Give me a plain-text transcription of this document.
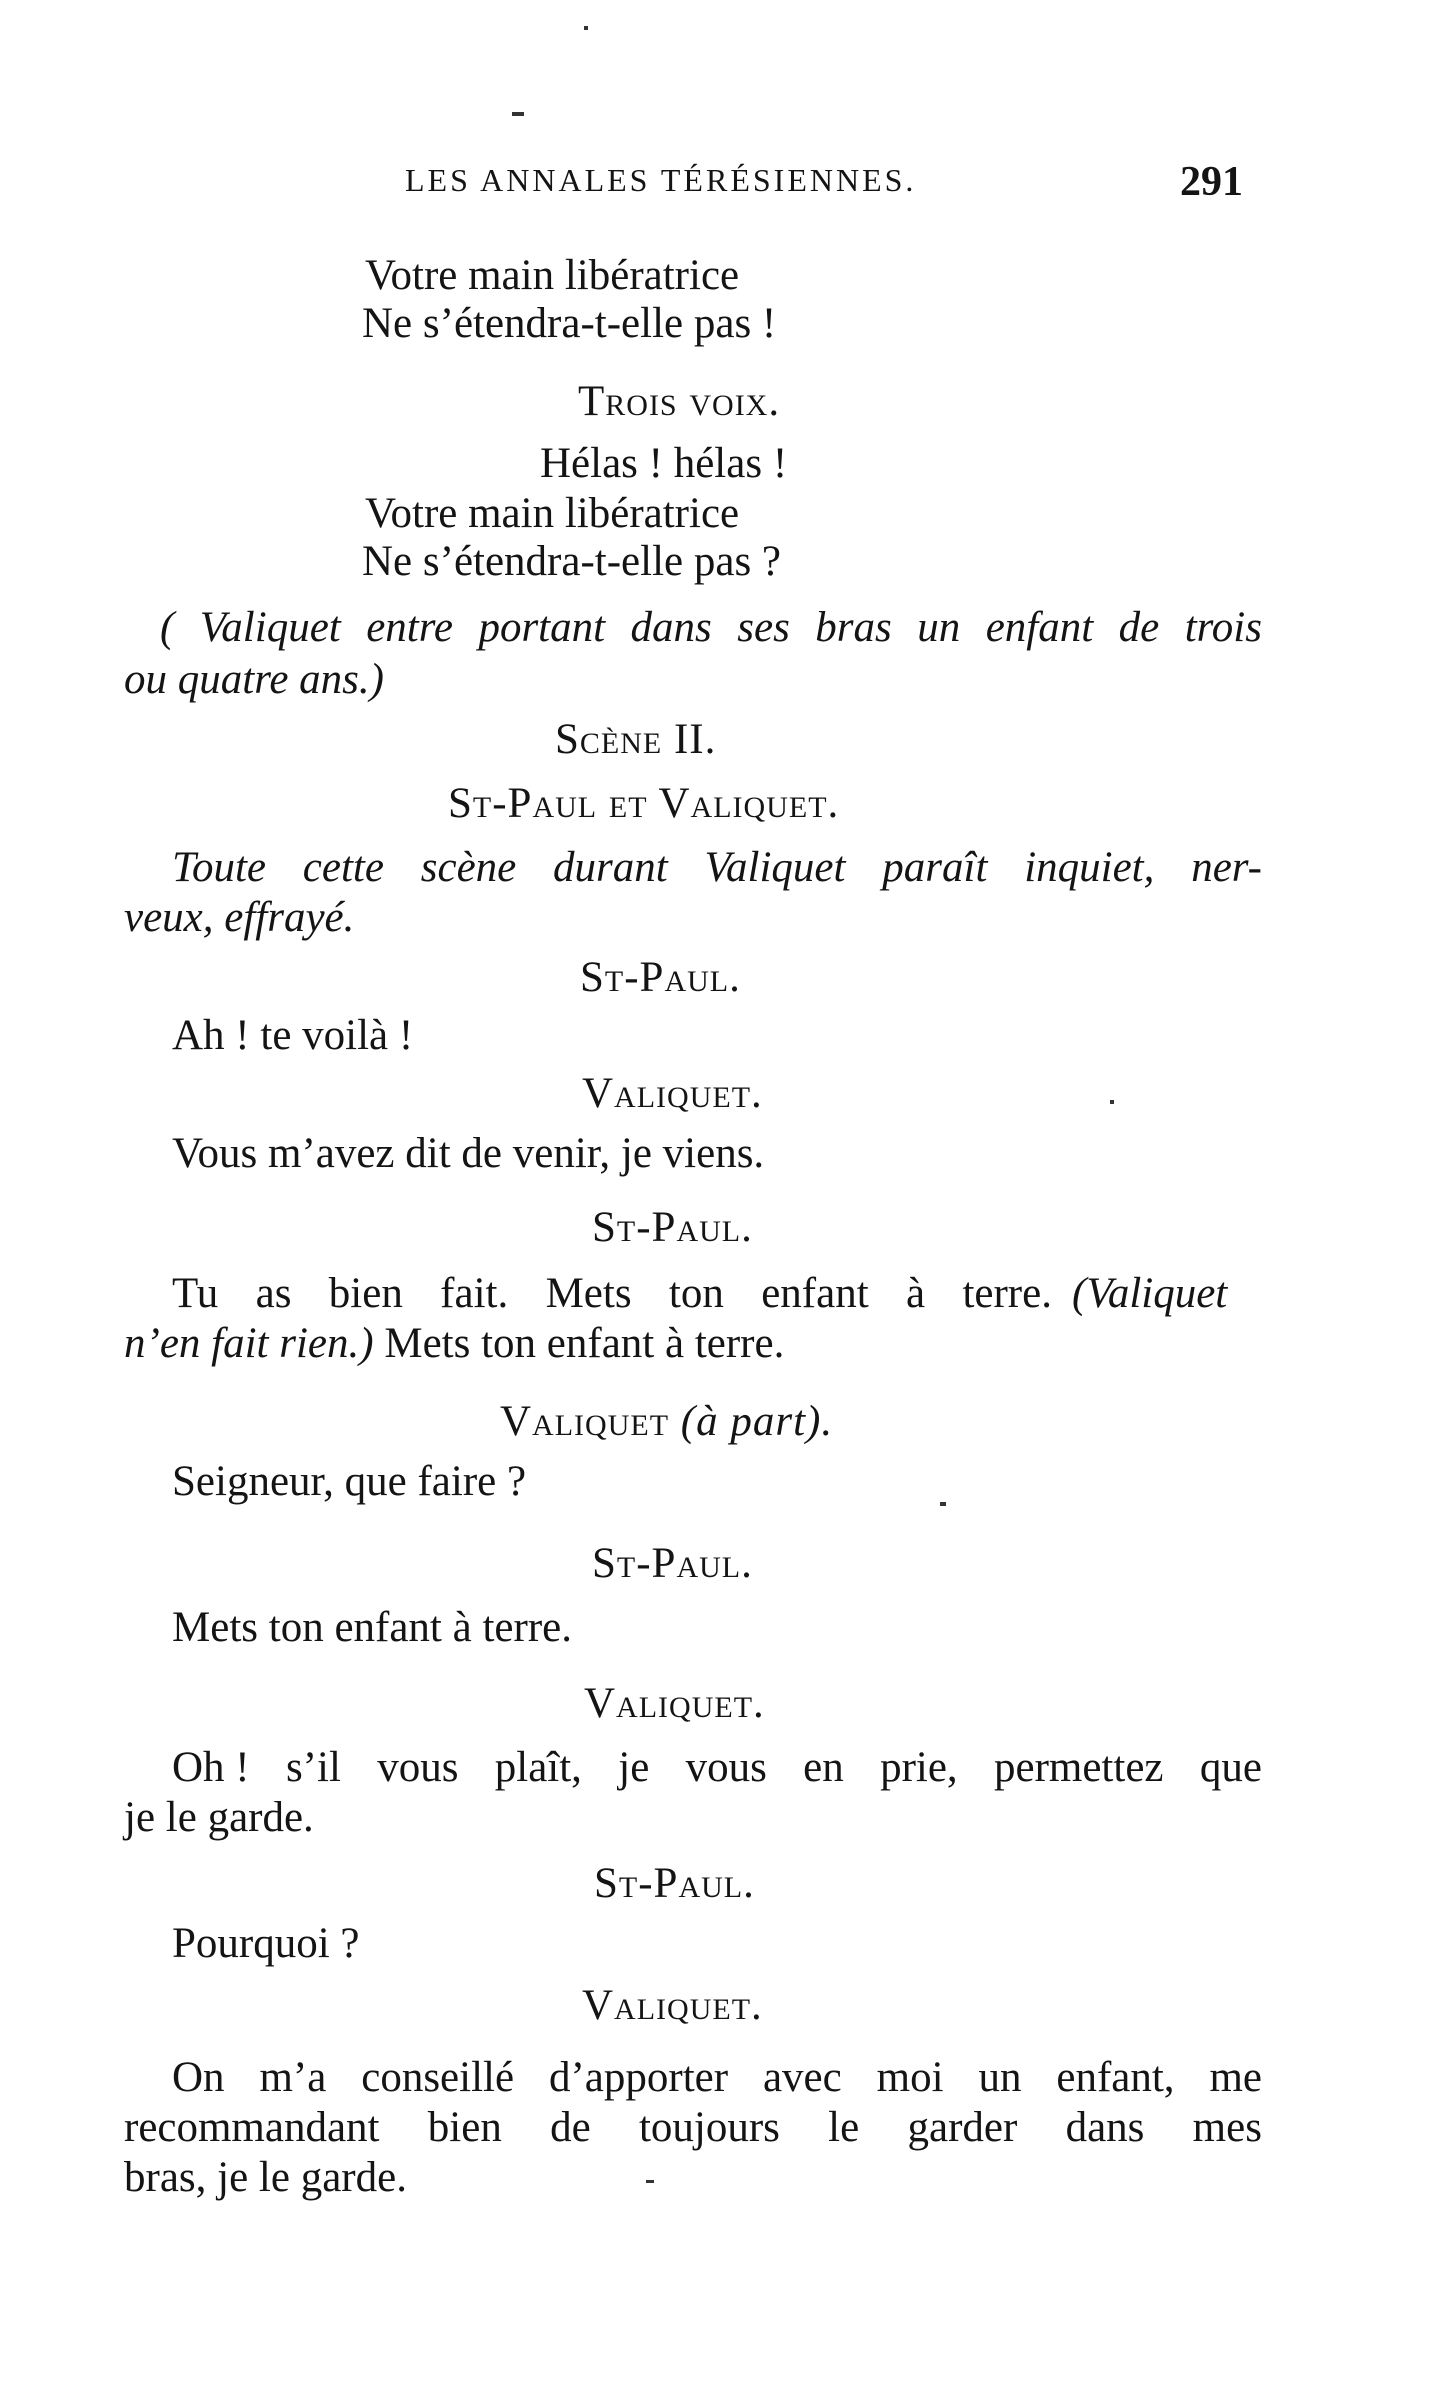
LES ANNALES TÉRÉSIENNES.	291
Votre main libératrice
Ne s’étendra-t-elle pas !
Trois voix.
Hélas ! hélas !
Votre main libératrice
Ne s’étendra-t-elle pas ?
( Valiquet entre portant dans ses bras un enfant de trois
ou quatre ans.)
Scène II.
St-Paul et Valiquet.
Toute cette scène durant Valiquet paraît inquiet, ner-
veux, effrayé.
St-Paul.
Ah ! te voilà !
Valiquet.
Vous m’avez dit de venir, je viens.
St-Paul.
Tu as bien fait. Mets ton enfant à terre. (Valiquet
n’en fait rien.) Mets ton enfant à terre.
Valiquet (à part).
Seigneur, que faire ?
St-Paul.
Mets ton enfant à terre.
Valiquet.
Oh ! s’il vous plaît, je vous en prie, permettez que
je le garde.
St-Paul.
Pourquoi ?
Valiquet.
On m’a conseillé d’apporter avec moi un enfant, me
recommandant bien de toujours le garder dans mes
bras, je le garde.
